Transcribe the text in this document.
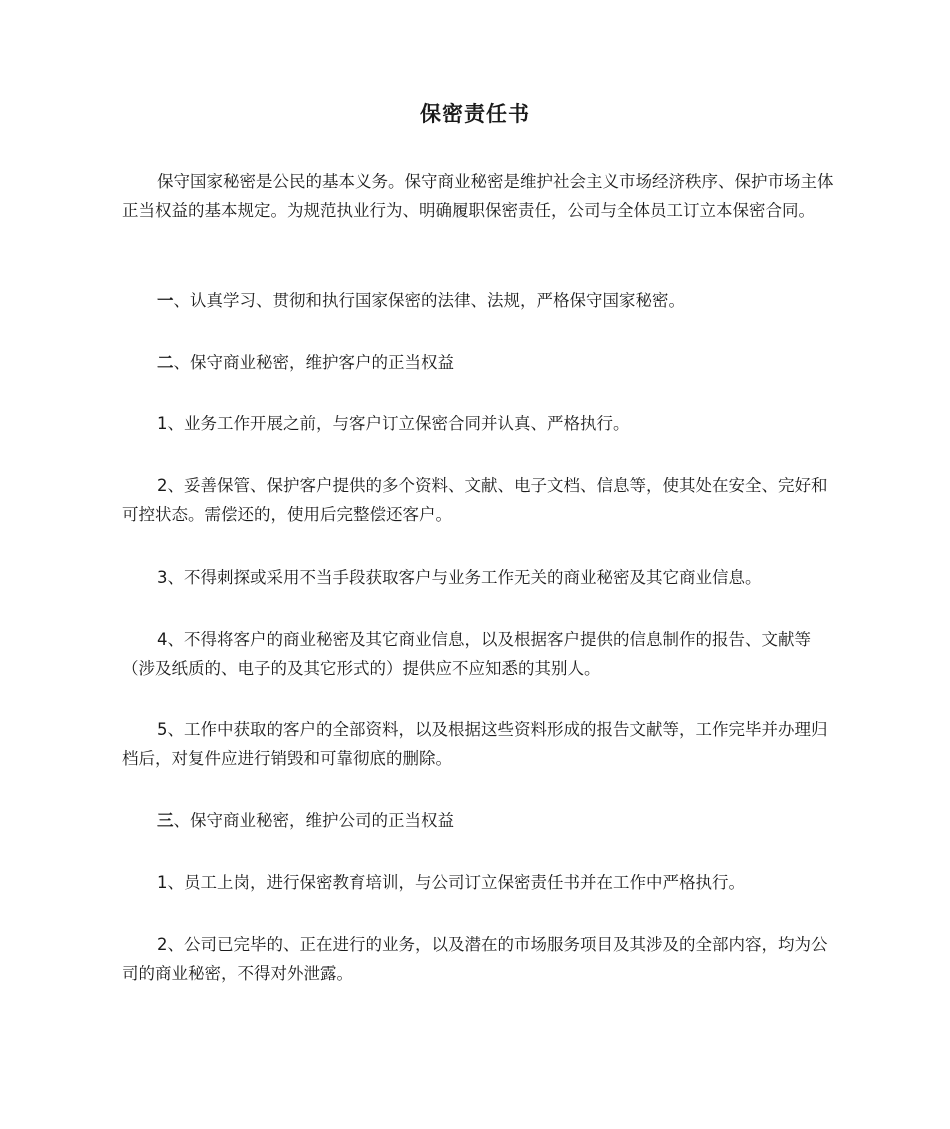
保密责任书

保守国家秘密是公民的基本义务。保守商业秘密是维护社会主义市场经济秩序、保护市场主体正当权益的基本规定。为规范执业行为、明确履职保密责任，公司与全体员工订立本保密合同。

一、认真学习、贯彻和执行国家保密的法律、法规，严格保守国家秘密。

二、保守商业秘密，维护客户的正当权益

1、业务工作开展之前，与客户订立保密合同并认真、严格执行。

2、妥善保管、保护客户提供的多个资料、文献、电子文档、信息等，使其处在安全、完好和可控状态。需偿还的，使用后完整偿还客户。

3、不得刺探或采用不当手段获取客户与业务工作无关的商业秘密及其它商业信息。

4、不得将客户的商业秘密及其它商业信息，以及根据客户提供的信息制作的报告、文献等（涉及纸质的、电子的及其它形式的）提供应不应知悉的其别人。

5、工作中获取的客户的全部资料，以及根据这些资料形成的报告文献等，工作完毕并办理归档后，对复件应进行销毁和可靠彻底的删除。

三、保守商业秘密，维护公司的正当权益

1、员工上岗，进行保密教育培训，与公司订立保密责任书并在工作中严格执行。

2、公司已完毕的、正在进行的业务，以及潜在的市场服务项目及其涉及的全部内容，均为公司的商业秘密，不得对外泄露。
